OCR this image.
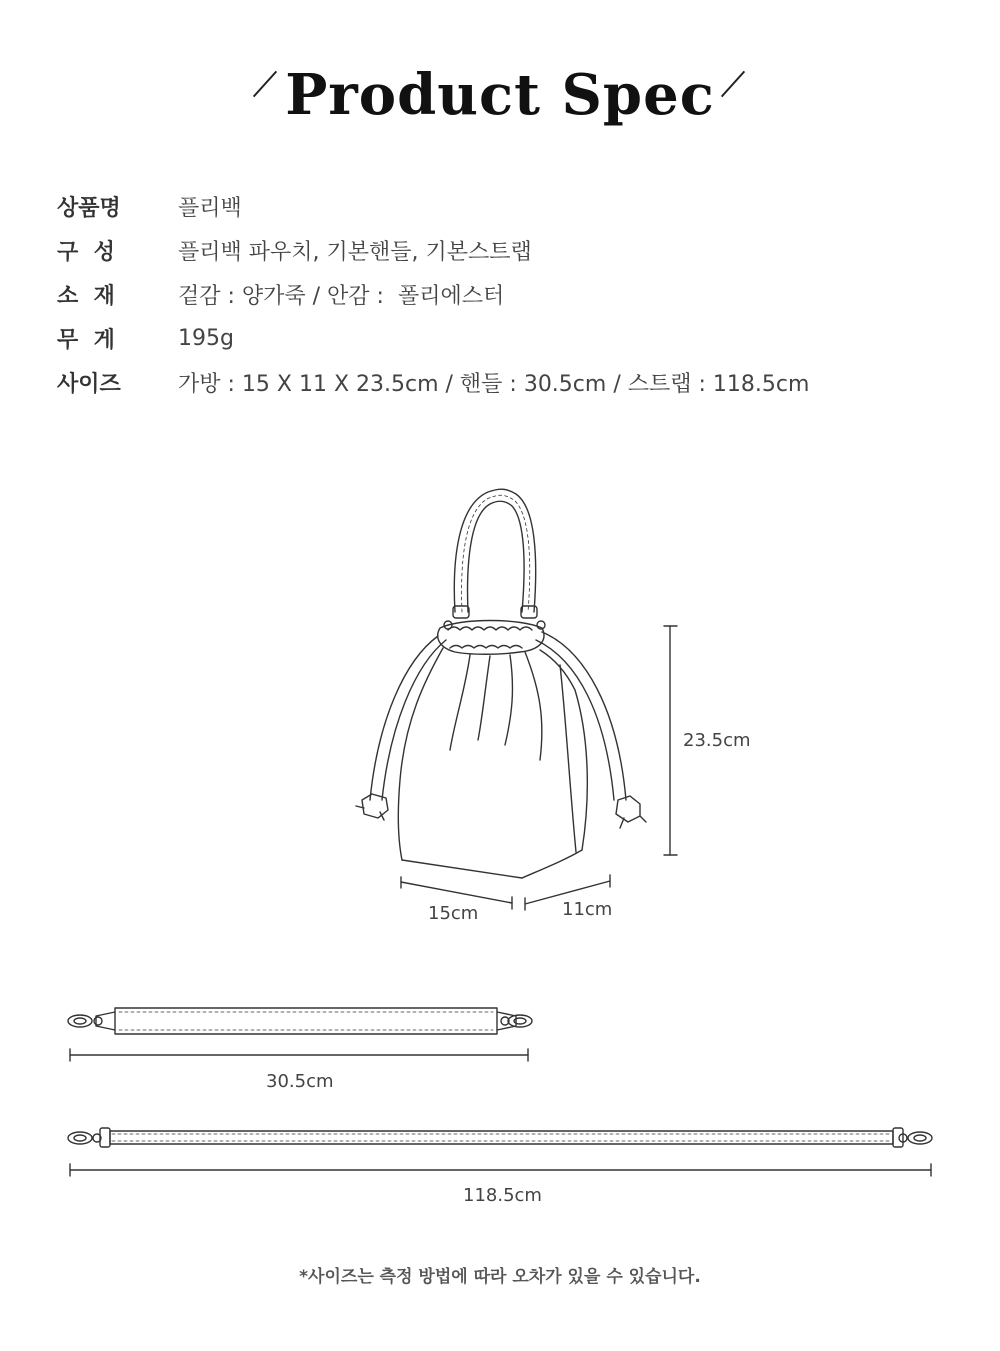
Product Spec
상품명	플리백
구  성	플리백 파우치, 기본핸들, 기본스트랩
소  재	겉감 : 양가죽 / 안감 :  폴리에스터
무  게	195g
사이즈	가방 : 15 X 11 X 23.5cm / 핸들 : 30.5cm / 스트랩 : 118.5cm
23.5cm
15cm	11cm
30.5cm
118.5cm
*사이즈는 측정 방법에 따라 오차가 있을 수 있습니다.
